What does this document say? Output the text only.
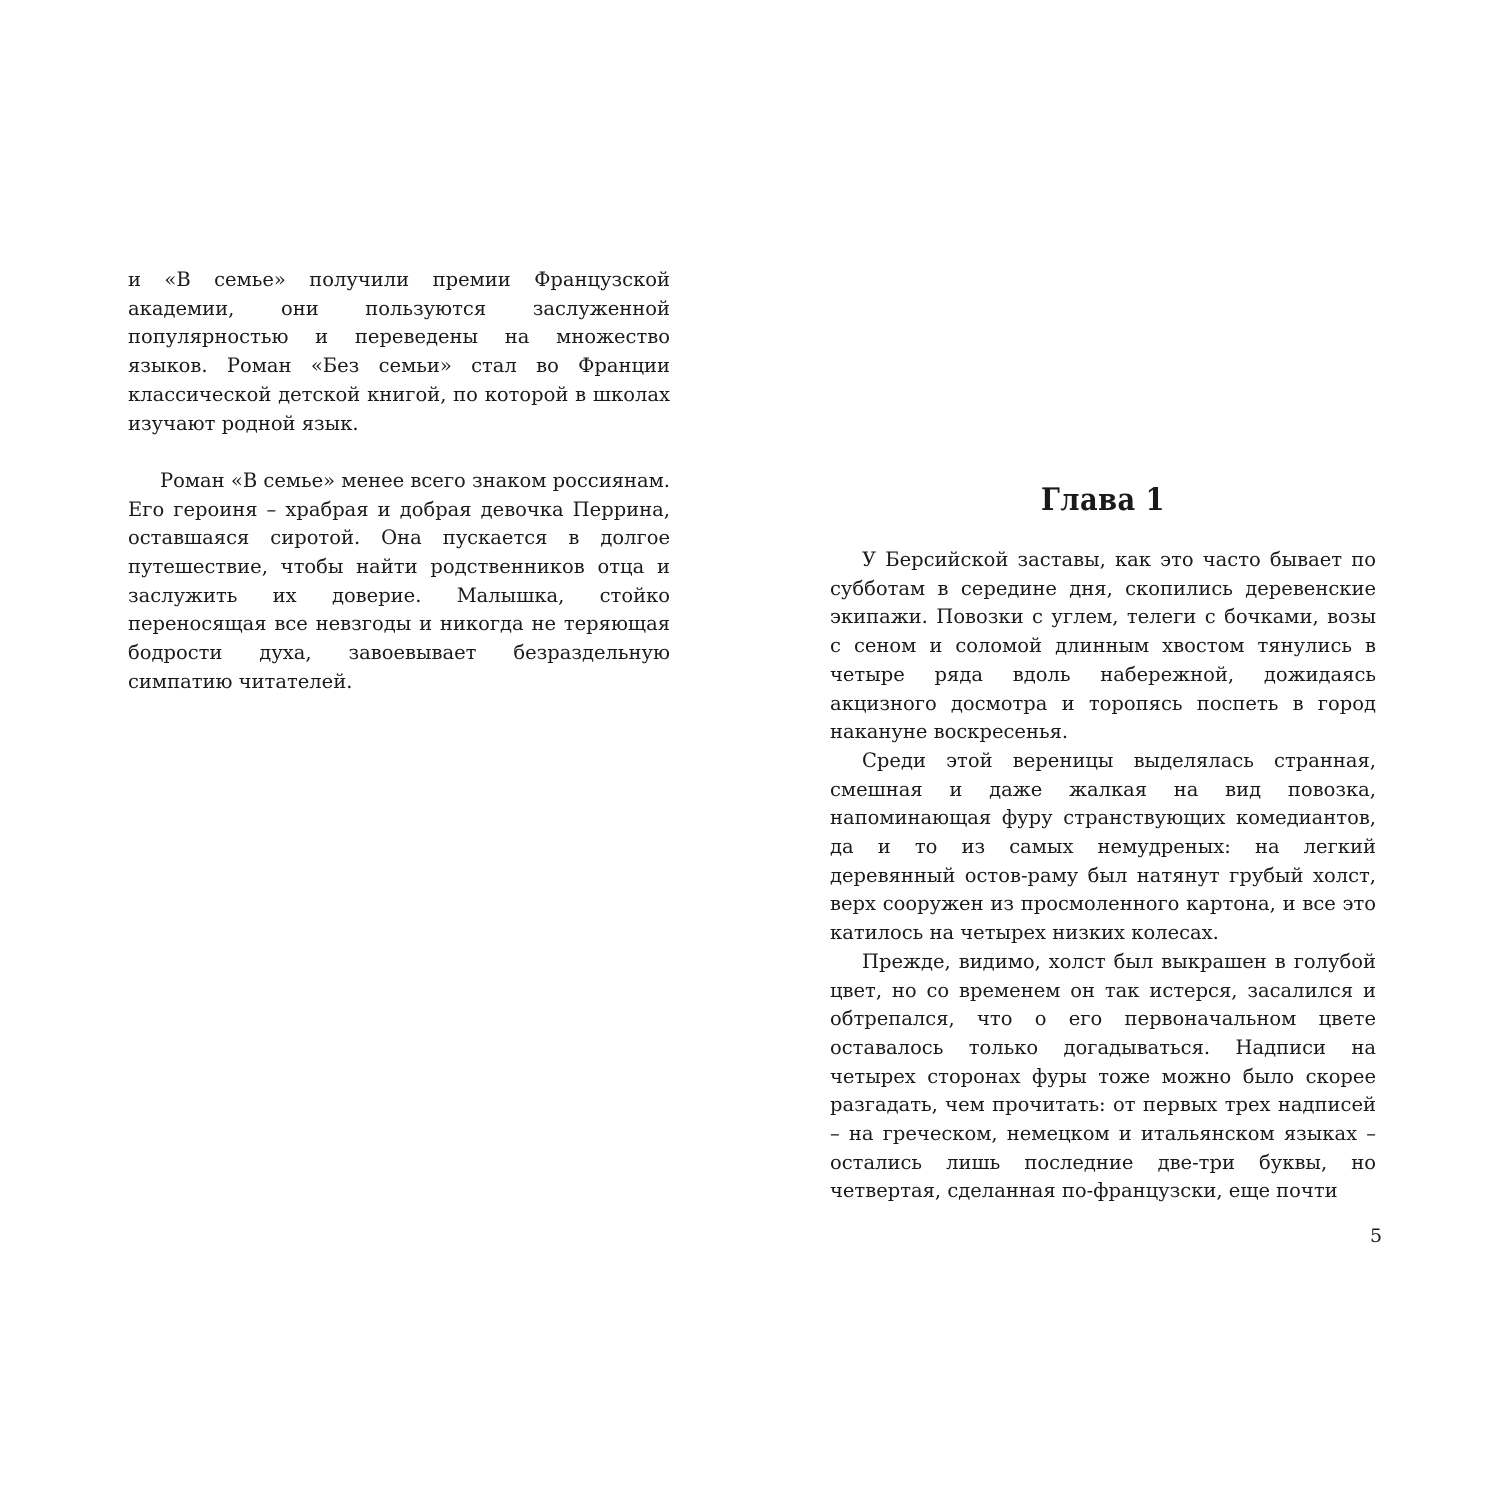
и «В семье» получили премии Французской академии, они пользуются заслуженной популярностью и переведены на множество языков. Роман «Без семьи» стал во Франции классической детской книгой, по которой в школах изучают родной язык.

Роман «В семье» менее всего знаком россиянам. Его героиня – храбрая и добрая девочка Перрина, оставшаяся сиротой. Она пускается в долгое путешествие, чтобы найти родственников отца и заслужить их доверие. Малышка, стойко переносящая все невзгоды и никогда не теряющая бодрости духа, завоевывает безраздельную симпатию читателей.

Глава 1

У Берсийской заставы, как это часто бывает по субботам в середине дня, скопились деревенские экипажи. Повозки с углем, телеги с бочками, возы с сеном и соломой длинным хвостом тянулись в четыре ряда вдоль набережной, дожидаясь акцизного досмотра и торопясь поспеть в город накануне воскресенья.

Среди этой вереницы выделялась странная, смешная и даже жалкая на вид повозка, напоминающая фуру странствующих комедиантов, да и то из самых немудреных: на легкий деревянный остов-раму был натянут грубый холст, верх сооружен из просмоленного картона, и все это катилось на четырех низких колесах.

Прежде, видимо, холст был выкрашен в голубой цвет, но со временем он так истерся, засалился и обтрепался, что о его первоначальном цвете оставалось только догадываться. Надписи на четырех сторонах фуры тоже можно было скорее разгадать, чем прочитать: от первых трех надписей – на греческом, немецком и итальянском языках – остались лишь последние две-три буквы, но четвертая, сделанная по-французски, еще почти

5
